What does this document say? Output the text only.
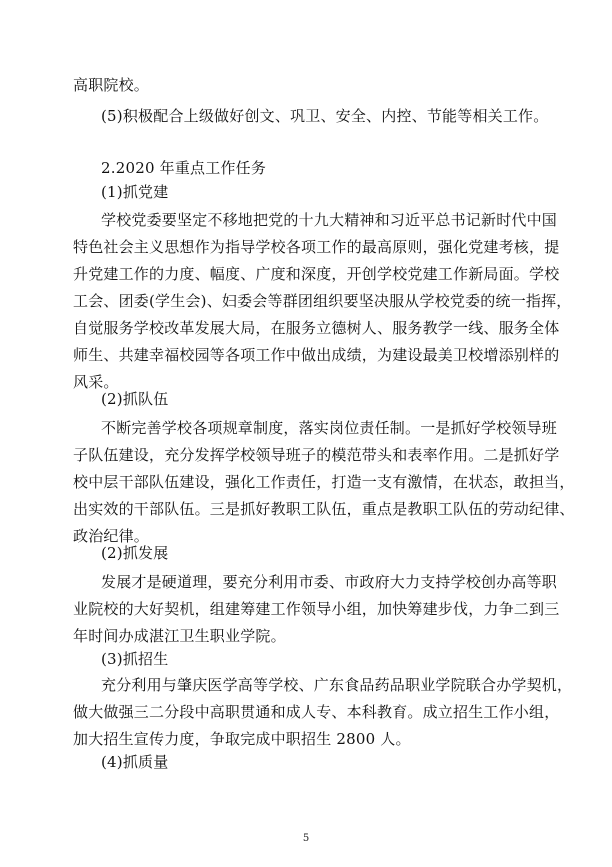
高职院校。
(5)积极配合上级做好创文、巩卫、安全、内控、节能等相关工作。
2.2020 年重点工作任务
(1)抓党建
学校党委要坚定不移地把党的十九大精神和习近平总书记新时代中国
特色社会主义思想作为指导学校各项工作的最高原则，强化党建考核，提
升党建工作的力度、幅度、广度和深度，开创学校党建工作新局面。学校
工会、团委(学生会)、妇委会等群团组织要坚决服从学校党委的统一指挥，
自觉服务学校改革发展大局，在服务立德树人、服务教学一线、服务全体
师生、共建幸福校园等各项工作中做出成绩，为建设最美卫校增添别样的
风采。
(2)抓队伍
不断完善学校各项规章制度，落实岗位责任制。一是抓好学校领导班
子队伍建设，充分发挥学校领导班子的模范带头和表率作用。二是抓好学
校中层干部队伍建设，强化工作责任，打造一支有激情，在状态，敢担当，
出实效的干部队伍。三是抓好教职工队伍，重点是教职工队伍的劳动纪律、
政治纪律。
(2)抓发展
发展才是硬道理，要充分利用市委、市政府大力支持学校创办高等职
业院校的大好契机，组建筹建工作领导小组，加快筹建步伐，力争二到三
年时间办成湛江卫生职业学院。
(3)抓招生
充分利用与肇庆医学高等学校、广东食品药品职业学院联合办学契机，
做大做强三二分段中高职贯通和成人专、本科教育。成立招生工作小组，
加大招生宣传力度，争取完成中职招生 2800 人。
(4)抓质量
5
